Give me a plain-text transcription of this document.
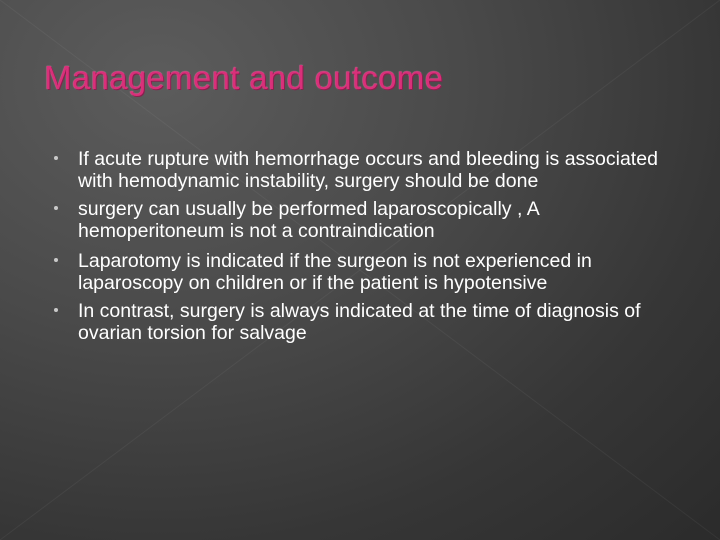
Management and outcome
If acute rupture with hemorrhage occurs and bleeding is associated with hemodynamic instability, surgery should be done
surgery can usually be performed laparoscopically , A hemoperitoneum is not a contraindication
Laparotomy is indicated if the surgeon is not experienced in laparoscopy on children or if the patient is hypotensive
In contrast, surgery is always indicated at the time of diagnosis of ovarian torsion for salvage
